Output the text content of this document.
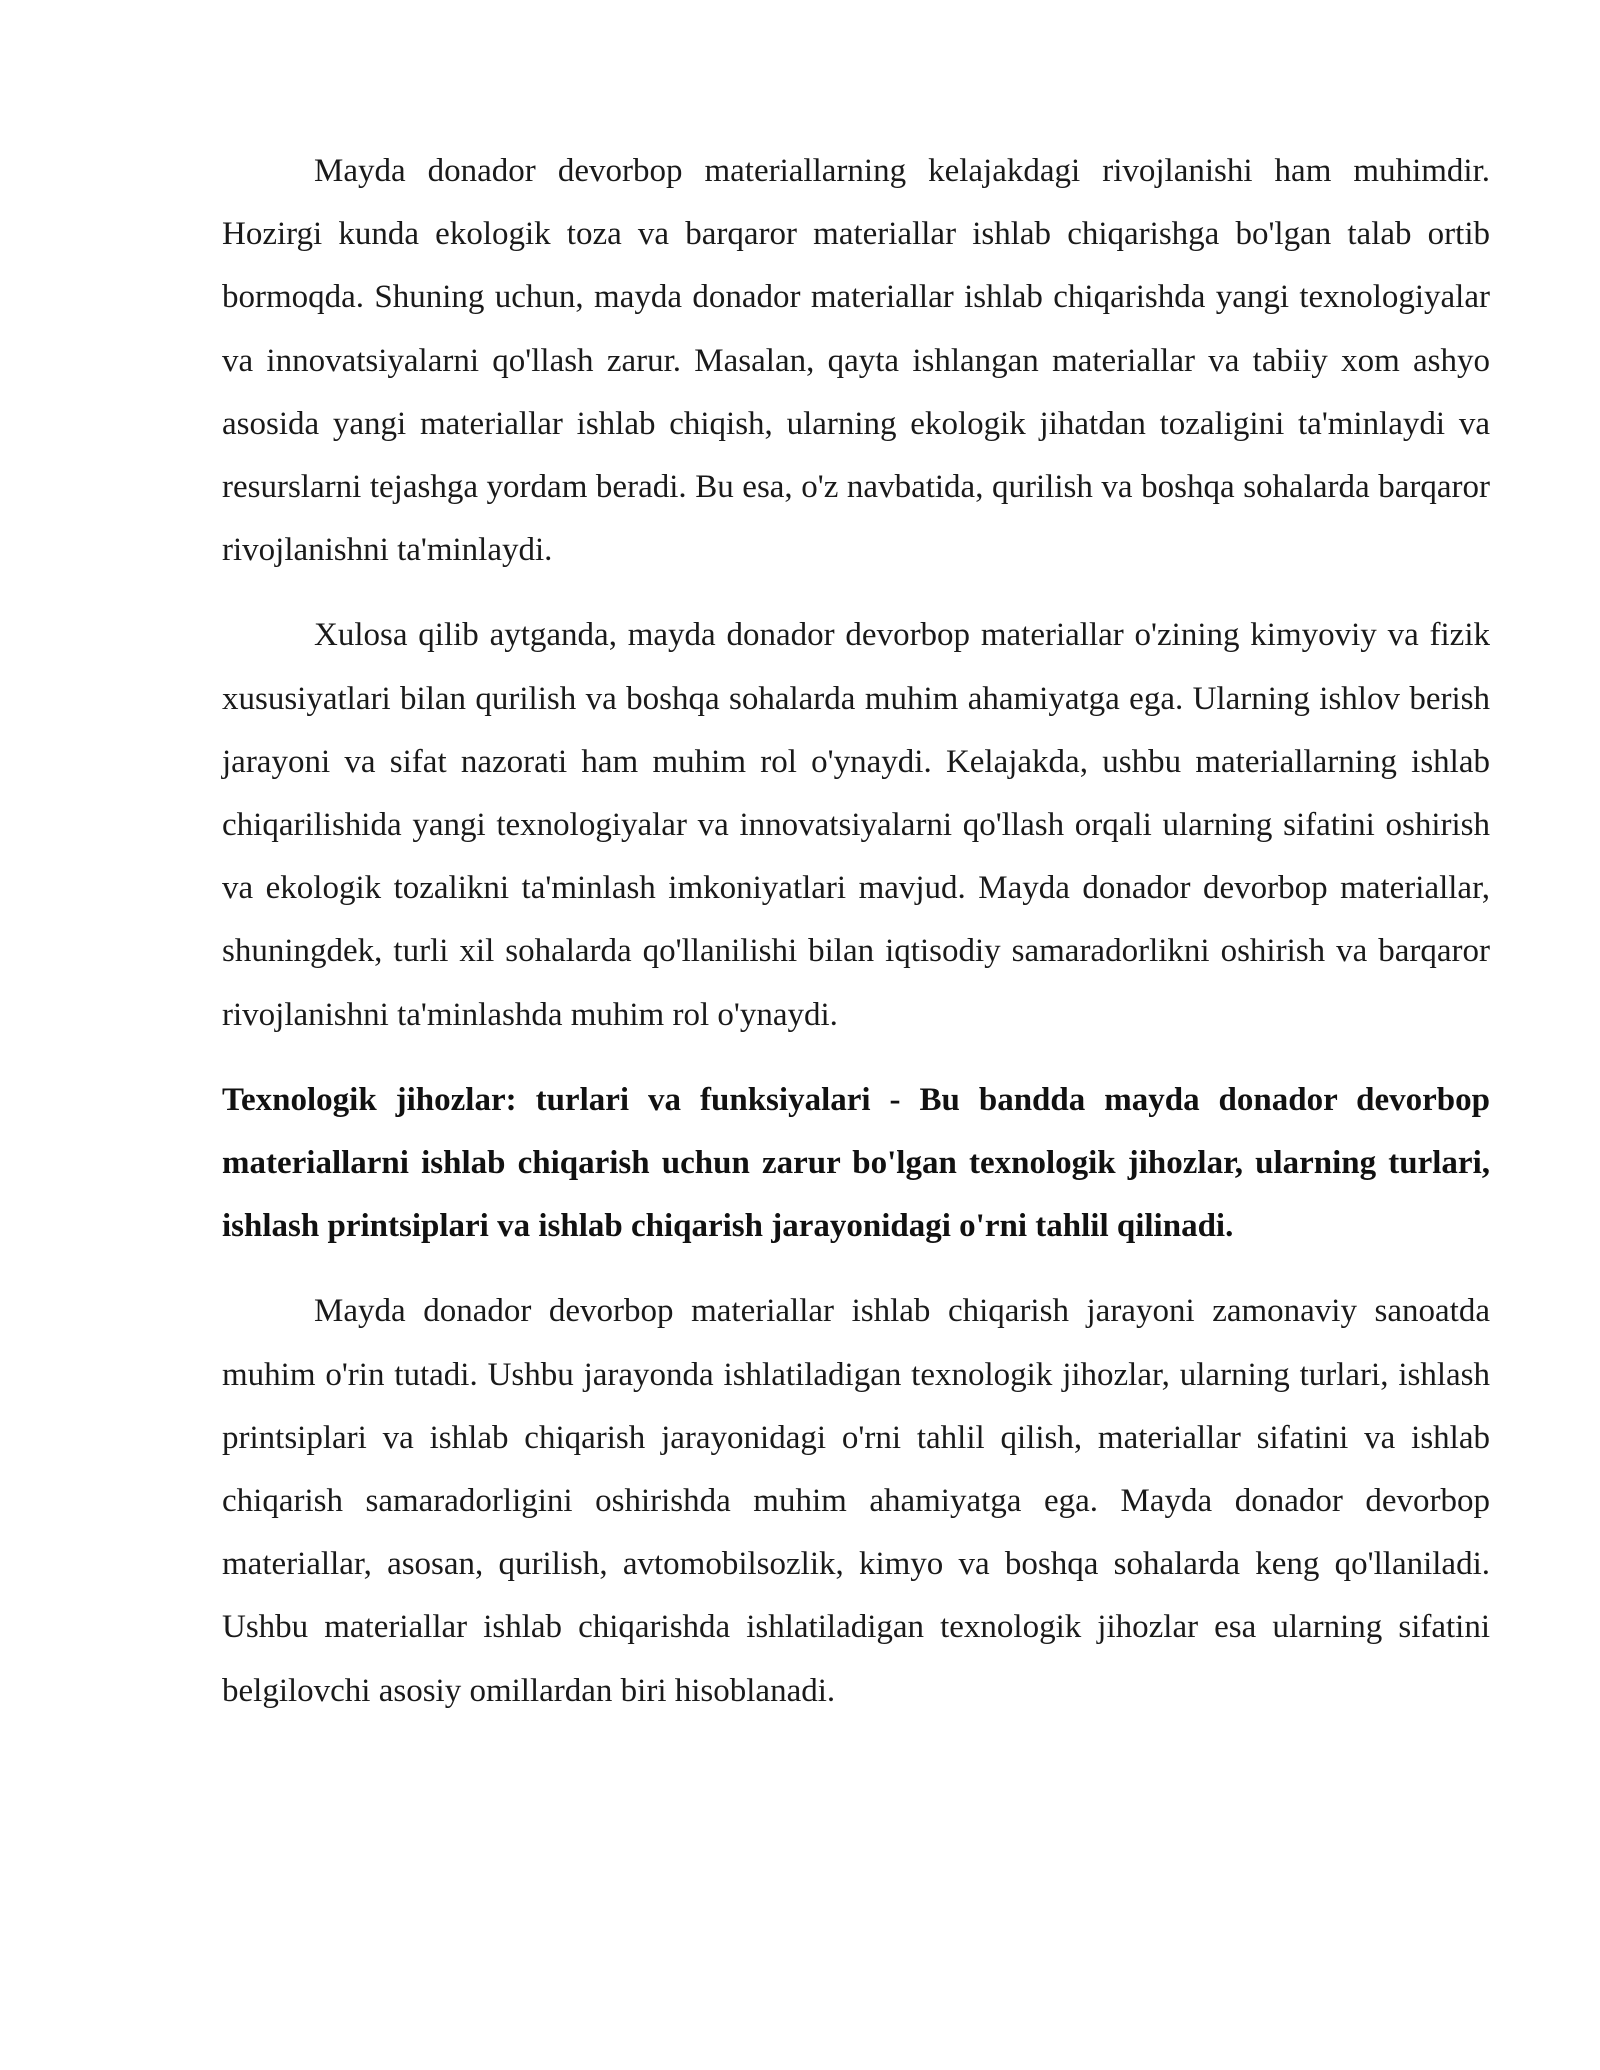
Mayda donador devorbop materiallarning kelajakdagi rivojlanishi ham muhimdir. Hozirgi kunda ekologik toza va barqaror materiallar ishlab chiqarishga bo'lgan talab ortib bormoqda. Shuning uchun, mayda donador materiallar ishlab chiqarishda yangi texnologiyalar va innovatsiyalarni qo'llash zarur. Masalan, qayta ishlangan materiallar va tabiiy xom ashyo asosida yangi materiallar ishlab chiqish, ularning ekologik jihatdan tozaligini ta'minlaydi va resurslarni tejashga yordam beradi. Bu esa, o'z navbatida, qurilish va boshqa sohalarda barqaror rivojlanishni ta'minlaydi.

Xulosa qilib aytganda, mayda donador devorbop materiallar o'zining kimyoviy va fizik xususiyatlari bilan qurilish va boshqa sohalarda muhim ahamiyatga ega. Ularning ishlov berish jarayoni va sifat nazorati ham muhim rol o'ynaydi. Kelajakda, ushbu materiallarning ishlab chiqarilishida yangi texnologiyalar va innovatsiyalarni qo'llash orqali ularning sifatini oshirish va ekologik tozalikni ta'minlash imkoniyatlari mavjud. Mayda donador devorbop materiallar, shuningdek, turli xil sohalarda qo'llanilishi bilan iqtisodiy samaradorlikni oshirish va barqaror rivojlanishni ta'minlashda muhim rol o'ynaydi.

Texnologik jihozlar: turlari va funksiyalari - Bu bandda mayda donador devorbop materiallarni ishlab chiqarish uchun zarur bo'lgan texnologik jihozlar, ularning turlari, ishlash printsiplari va ishlab chiqarish jarayonidagi o'rni tahlil qilinadi.

Mayda donador devorbop materiallar ishlab chiqarish jarayoni zamonaviy sanoatda muhim o'rin tutadi. Ushbu jarayonda ishlatiladigan texnologik jihozlar, ularning turlari, ishlash printsiplari va ishlab chiqarish jarayonidagi o'rni tahlil qilish, materiallar sifatini va ishlab chiqarish samaradorligini oshirishda muhim ahamiyatga ega. Mayda donador devorbop materiallar, asosan, qurilish, avtomobilsozlik, kimyo va boshqa sohalarda keng qo'llaniladi. Ushbu materiallar ishlab chiqarishda ishlatiladigan texnologik jihozlar esa ularning sifatini belgilovchi asosiy omillardan biri hisoblanadi.
